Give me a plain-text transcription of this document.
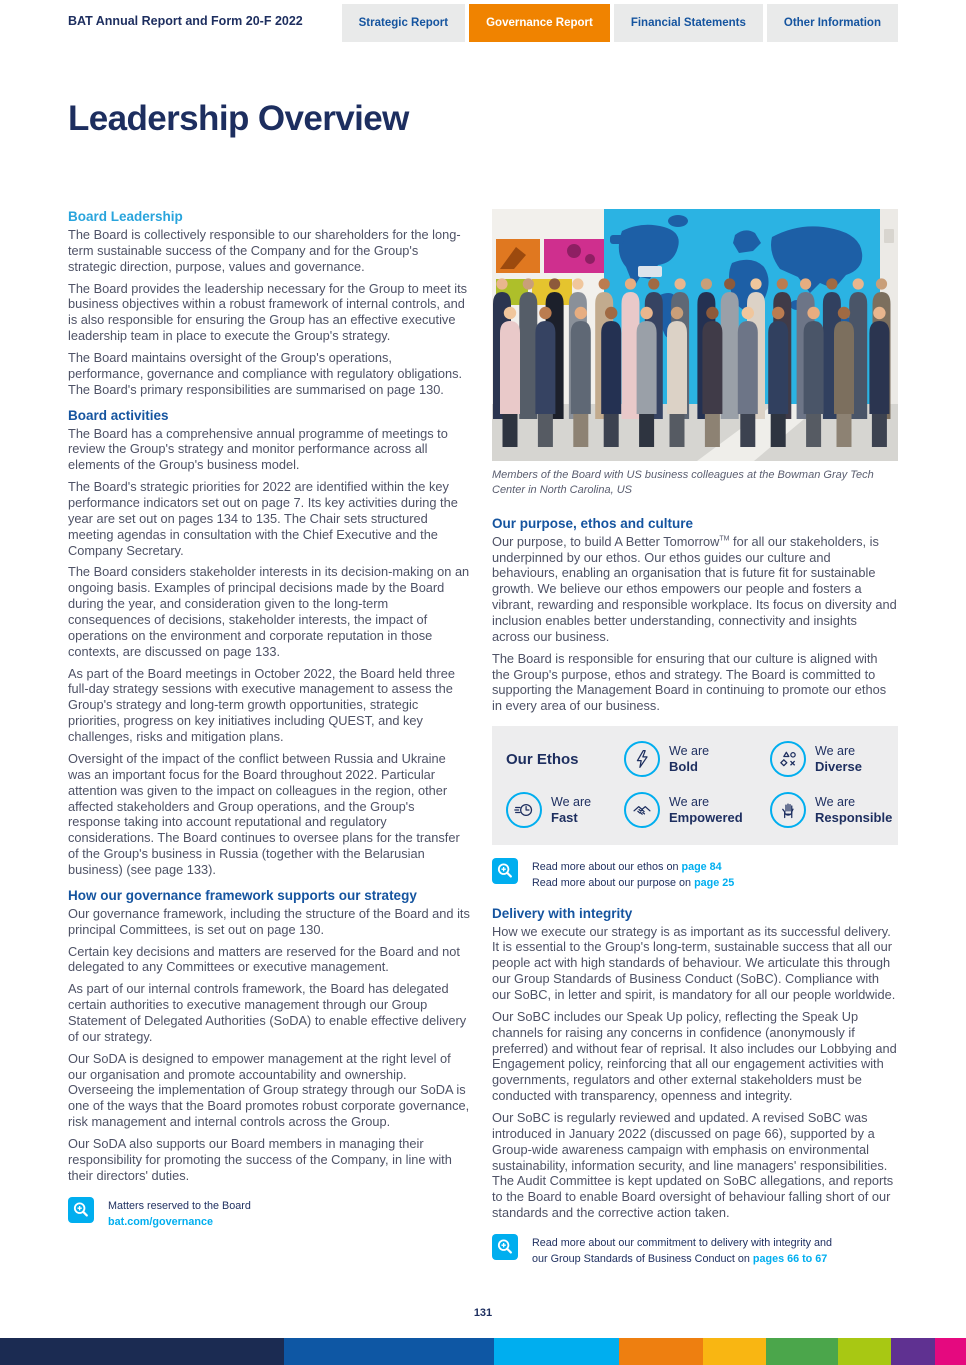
BAT Annual Report and Form 20-F 2022	Strategic Report	Governance Report	Financial Statements	Other Information
Leadership Overview
Board Leadership

The Board is collectively responsible to our shareholders for the long-term sustainable success of the Company and for the Group's strategic direction, purpose, values and governance.

The Board provides the leadership necessary for the Group to meet its business objectives within a robust framework of internal controls, and is also responsible for ensuring the Group has an effective executive leadership team in place to execute the Group's strategy.

The Board maintains oversight of the Group's operations, performance, governance and compliance with regulatory obligations. The Board's primary responsibilities are summarised on page 130.

Board activities

The Board has a comprehensive annual programme of meetings to review the Group's strategy and monitor performance across all elements of the Group's business model.

The Board's strategic priorities for 2022 are identified within the key performance indicators set out on page 7. Its key activities during the year are set out on pages 134 to 135. The Chair sets structured meeting agendas in consultation with the Chief Executive and the Company Secretary.

The Board considers stakeholder interests in its decision-making on an ongoing basis. Examples of principal decisions made by the Board during the year, and consideration given to the long-term consequences of decisions, stakeholder interests, the impact of operations on the environment and corporate reputation in those contexts, are discussed on page 133.

As part of the Board meetings in October 2022, the Board held three full-day strategy sessions with executive management to assess the Group's strategy and long-term growth opportunities, strategic priorities, progress on key initiatives including QUEST, and key challenges, risks and mitigation plans.

Oversight of the impact of the conflict between Russia and Ukraine was an important focus for the Board throughout 2022. Particular attention was given to the impact on colleagues in the region, other affected stakeholders and Group operations, and the Group's response taking into account reputational and regulatory considerations. The Board continues to oversee plans for the transfer of the Group's business in Russia (together with the Belarusian business) (see page 133).

How our governance framework supports our strategy

Our governance framework, including the structure of the Board and its principal Committees, is set out on page 130.

Certain key decisions and matters are reserved for the Board and not delegated to any Committees or executive management.

As part of our internal controls framework, the Board has delegated certain authorities to executive management through our Group Statement of Delegated Authorities (SoDA) to enable effective delivery of our strategy.

Our SoDA is designed to empower management at the right level of our organisation and promote accountability and ownership. Overseeing the implementation of Group strategy through our SoDA is one of the ways that the Board promotes robust corporate governance, risk management and internal controls across the Group.

Our SoDA also supports our Board members in managing their responsibility for promoting the success of the Company, in line with their directors' duties.

Matters reserved to the Board
bat.com/governance

Members of the Board with US business colleagues at the Bowman Gray Tech Center in North Carolina, US

Our purpose, ethos and culture

Our purpose, to build A Better Tomorrow™ for all our stakeholders, is underpinned by our ethos. Our ethos guides our culture and behaviours, enabling an organisation that is future fit for sustainable growth. We believe our ethos empowers our people and fosters a vibrant, rewarding and responsible workplace. Its focus on diversity and inclusion enables better understanding, connectivity and insights across our business.

The Board is responsible for ensuring that our culture is aligned with the Group's purpose, ethos and strategy. The Board is committed to supporting the Management Board in continuing to promote our ethos in every area of our business.

Our Ethos	We are
Bold
We are
Diverse
We are
Fast
We are
Empowered
We are
Responsible
Read more about our ethos on page 84
Read more about our purpose on page 25
Delivery with integrity

How we execute our strategy is as important as its successful delivery. It is essential to the Group's long-term, sustainable success that all our people act with high standards of behaviour. We articulate this through our Group Standards of Business Conduct (SoBC). Compliance with our SoBC, in letter and spirit, is mandatory for all our people worldwide.

Our SoBC includes our Speak Up policy, reflecting the Speak Up channels for raising any concerns in confidence (anonymously if preferred) and without fear of reprisal. It also includes our Lobbying and Engagement policy, reinforcing that all our engagement activities with governments, regulators and other external stakeholders must be conducted with transparency, openness and integrity.

Our SoBC is regularly reviewed and updated. A revised SoBC was introduced in January 2022 (discussed on page 66), supported by a Group-wide awareness campaign with emphasis on environmental sustainability, information security, and line managers' responsibilities. The Audit Committee is kept updated on SoBC allegations, and reports to the Board to enable Board oversight of behaviour falling short of our standards and the corrective action taken.

Read more about our commitment to delivery with integrity and
our Group Standards of Business Conduct on pages 66 to 67
131
